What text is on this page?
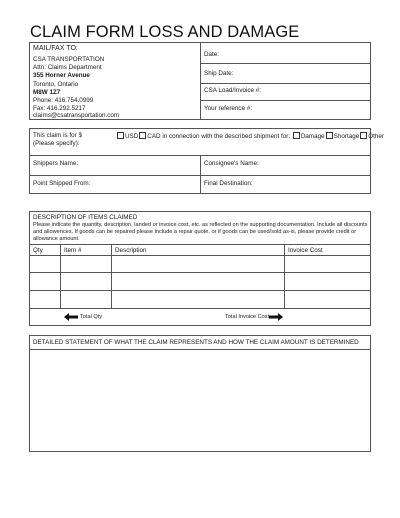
CLAIM FORM LOSS AND DAMAGE
MAIL/FAX TO:
CSA TRANSPORTATION
Attn: Claims Department
355 Horner Avenue
Toronto, Ontario
M8W 1Z7
Phone: 416.754.0999
Fax: 416.292.5217
claims@csatransportation.com
Date:
Ship Date:
CSA Load/Invoice #:
Your reference #:
This claim is for $
(Please specify):
USD CAD in connection with the described shipment for: Damage Shortage Other
Shippers Name:	Consignee's Name:
Point Shipped From:	Final Destination:
DESCRIPTION OF ITEMS CLAIMED
Please indicate the quantity, description, landed or invoice cost, etc. as reflected on the supporting documentation. Include all discounts and allowences. If goods can be repaired please include a repair quote, or if goods can be used/sold as-is, please provide credit or allowance amount.
Qty	Item #	Description	Invoice Cost
Total Qty	Total Invoice Cost
DETAILED STATEMENT OF WHAT THE CLAIM REPRESENTS AND HOW THE CLAIM AMOUNT IS DETERMINED
